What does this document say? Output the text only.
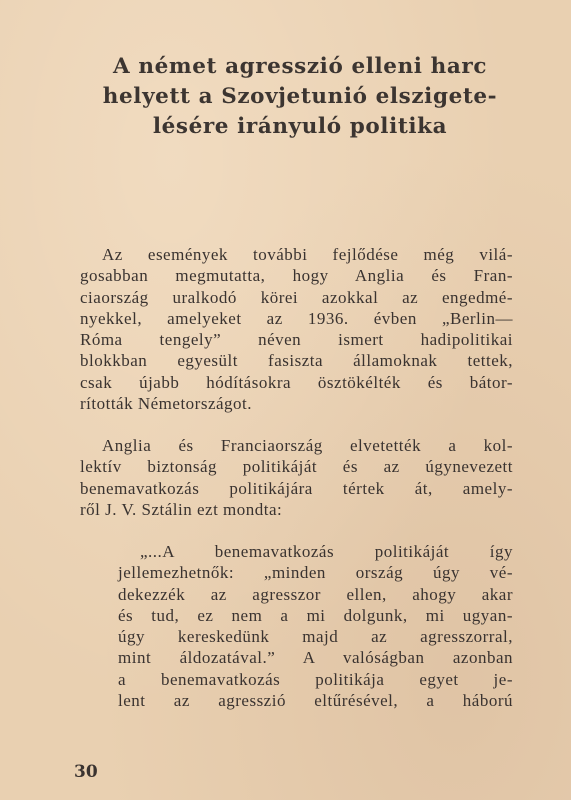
A német agresszió elleni harc
helyett a Szovjetunió elszigete-
lésére irányuló politika
Az események további fejlődése még vilá-
gosabban megmutatta, hogy Anglia és Fran-
ciaország uralkodó körei azokkal az engedmé-
nyekkel, amelyeket az 1936. évben „Berlin—
Róma tengely” néven ismert hadipolitikai
blokkban egyesült fasiszta államoknak tettek,
csak újabb hódításokra ösztökélték és bátor-
rították Németországot.
Anglia és Franciaország elvetették a kol-
lektív biztonság politikáját és az úgynevezett
benemavatkozás politikájára tértek át, amely-
ről J. V. Sztálin ezt mondta:
„...A benemavatkozás politikáját így
jellemezhetnők: „minden ország úgy vé-
dekezzék az agresszor ellen, ahogy akar
és tud, ez nem a mi dolgunk, mi ugyan-
úgy kereskedünk majd az agresszorral,
mint áldozatával.” A valóságban azonban
a benemavatkozás politikája egyet je-
lent az agresszió eltűrésével, a háború
30
